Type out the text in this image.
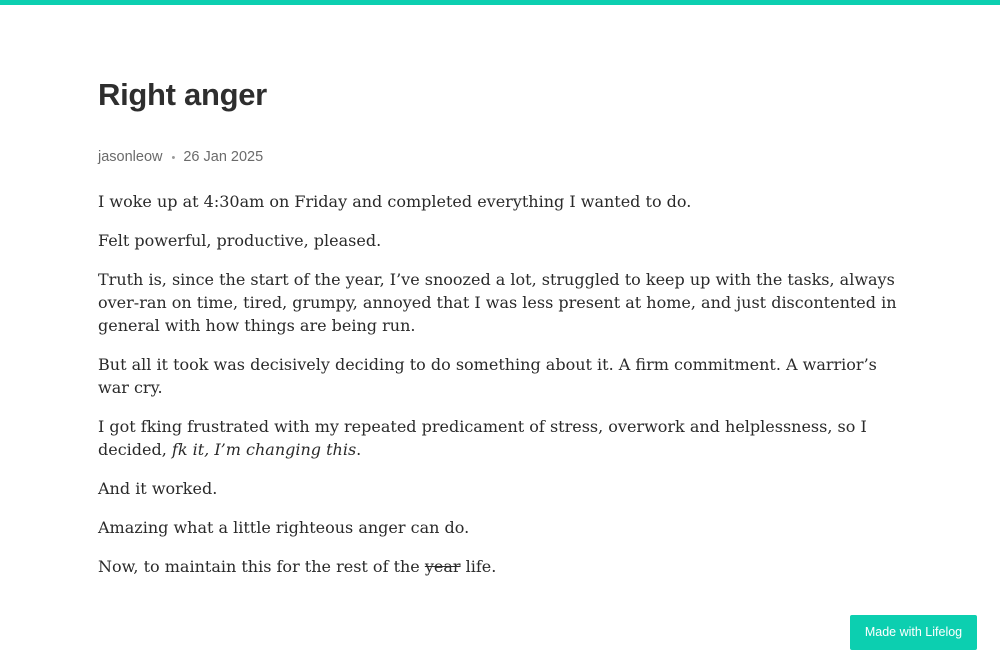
Right anger
jasonleow • 26 Jan 2025

I woke up at 4:30am on Friday and completed everything I wanted to do.

Felt powerful, productive, pleased.

Truth is, since the start of the year, I’ve snoozed a lot, struggled to keep up with the tasks, always over-ran on time, tired, grumpy, annoyed that I was less present at home, and just discontented in general with how things are being run.

But all it took was decisively deciding to do something about it. A firm commitment. A warrior’s war cry.

I got fking frustrated with my repeated predicament of stress, overwork and helplessness, so I decided, fk it, I’m changing this.

And it worked.

Amazing what a little righteous anger can do.

Now, to maintain this for the rest of the year life.

Made with Lifelog
